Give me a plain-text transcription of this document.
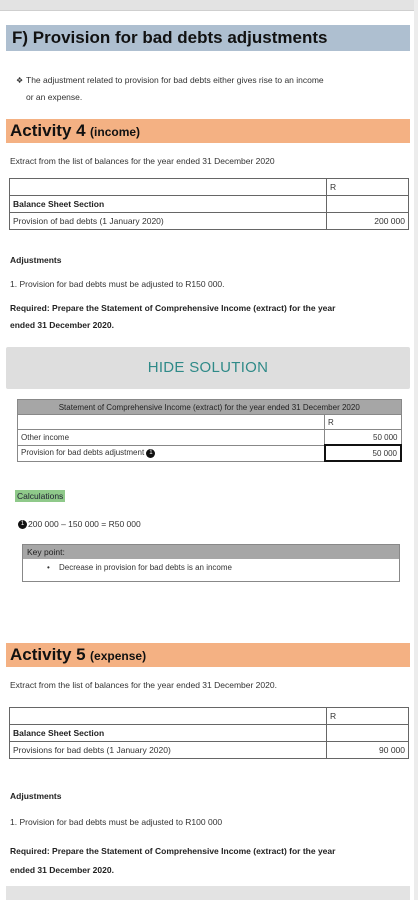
F) Provision for bad debts adjustments
❖ The adjustment related to provision for bad debts either gives rise to an income
or an expense.
Activity 4 (income)
Extract from the list of balances for the year ended 31 December 2020
	R
Balance Sheet Section	
Provision of bad debts (1 January 2020)	200 000
Adjustments
1. Provision for bad debts must be adjusted to R150 000.
Required: Prepare the Statement of Comprehensive Income (extract) for the year
ended 31 December 2020.
HIDE SOLUTION
Statement of Comprehensive Income (extract) for the year ended 31 December 2020	
	R
Other income	50 000
Provision for bad debts adjustment 1	50 000
Calculations
1 200 000 – 150 000 = R50 000
Key point:
• Decrease in provision for bad debts is an income
Activity 5 (expense)
Extract from the list of balances for the year ended 31 December 2020.
	R
Balance Sheet Section	
Provisions for bad debts (1 January 2020)	90 000
Adjustments
1. Provision for bad debts must be adjusted to R100 000
Required: Prepare the Statement of Comprehensive Income (extract) for the year
ended 31 December 2020.
